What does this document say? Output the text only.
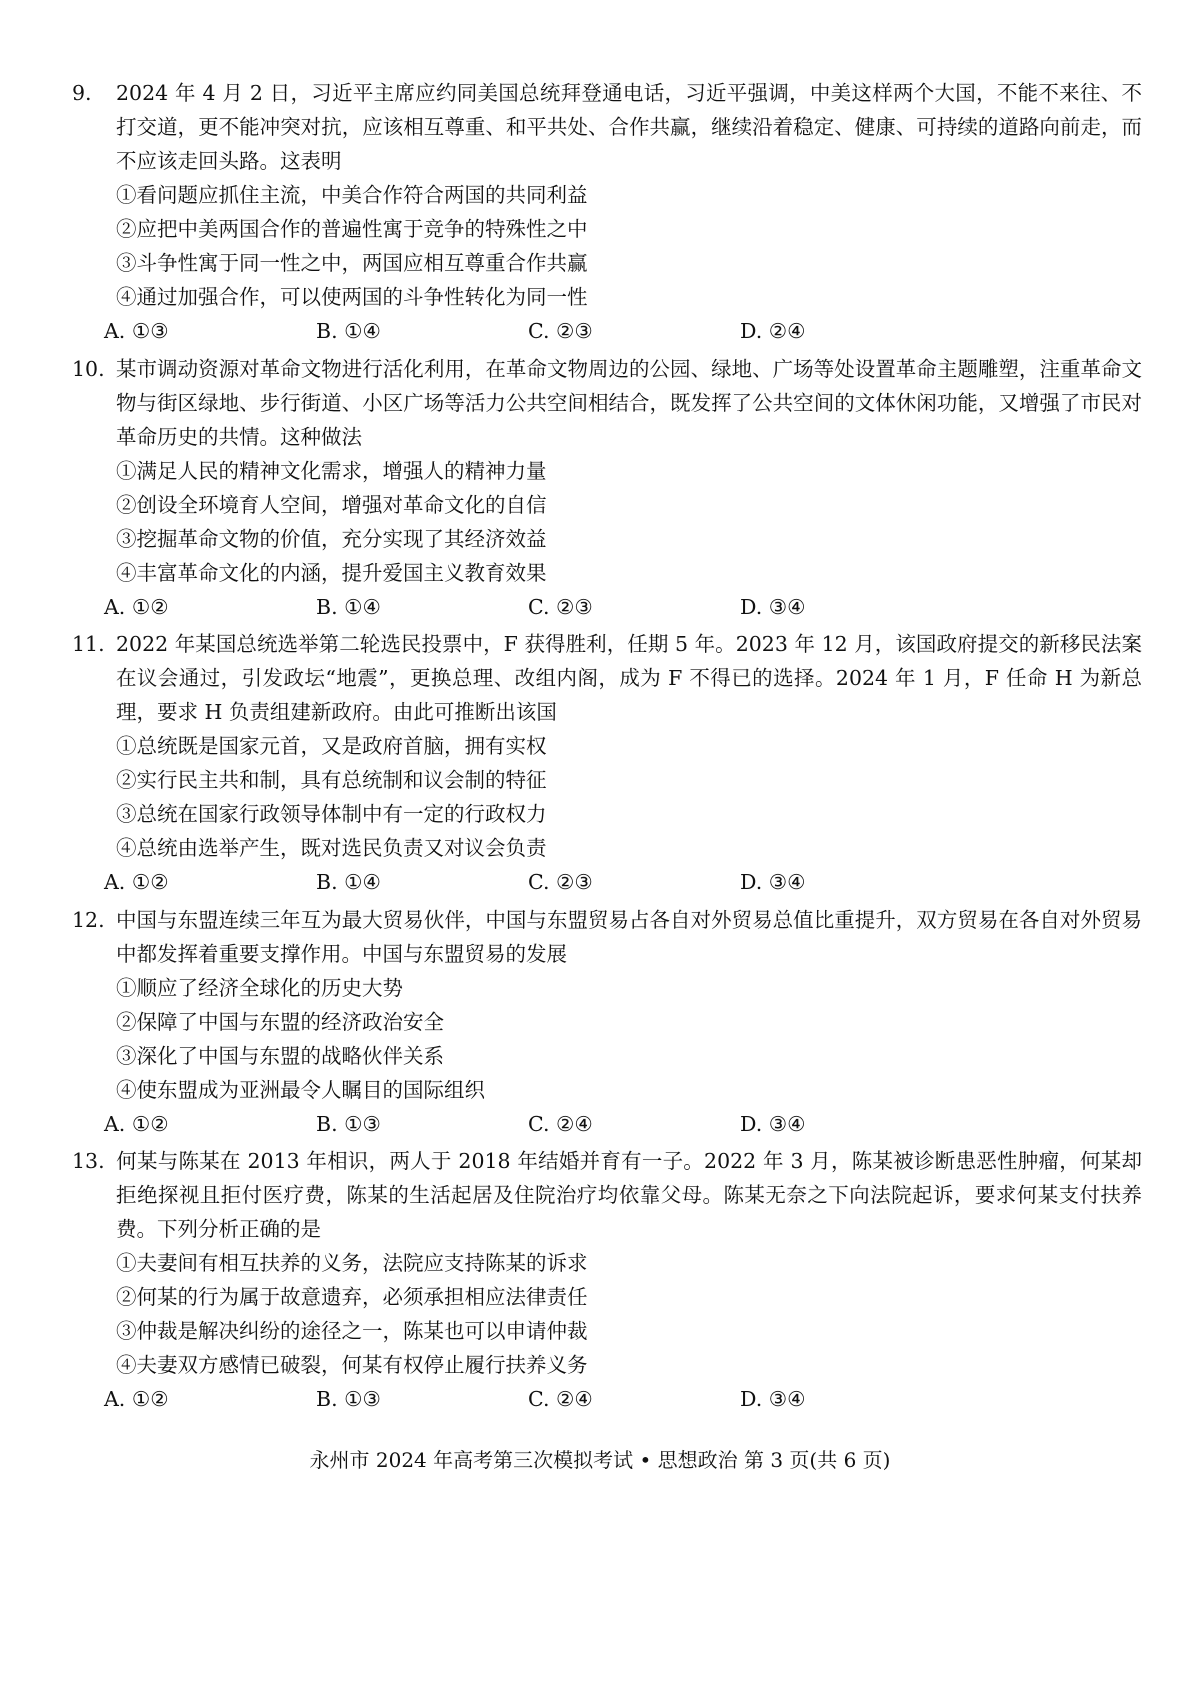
9. 2024 年 4 月 2 日，习近平主席应约同美国总统拜登通电话，习近平强调，中美这样两个大国，不能不来往、不打交道，更不能冲突对抗，应该相互尊重、和平共处、合作共赢，继续沿着稳定、健康、可持续的道路向前走，而不应该走回头路。这表明
①看问题应抓住主流，中美合作符合两国的共同利益
②应把中美两国合作的普遍性寓于竞争的特殊性之中
③斗争性寓于同一性之中，两国应相互尊重合作共赢
④通过加强合作，可以使两国的斗争性转化为同一性
A. ①③	B. ①④	C. ②③	D. ②④
10. 某市调动资源对革命文物进行活化利用，在革命文物周边的公园、绿地、广场等处设置革命主题雕塑，注重革命文物与街区绿地、步行街道、小区广场等活力公共空间相结合，既发挥了公共空间的文体休闲功能，又增强了市民对革命历史的共情。这种做法
①满足人民的精神文化需求，增强人的精神力量
②创设全环境育人空间，增强对革命文化的自信
③挖掘革命文物的价值，充分实现了其经济效益
④丰富革命文化的内涵，提升爱国主义教育效果
A. ①②	B. ①④	C. ②③	D. ③④
11. 2022 年某国总统选举第二轮选民投票中，F 获得胜利，任期 5 年。2023 年 12 月，该国政府提交的新移民法案在议会通过，引发政坛“地震”，更换总理、改组内阁，成为 F 不得已的选择。2024 年 1 月，F 任命 H 为新总理，要求 H 负责组建新政府。由此可推断出该国
①总统既是国家元首，又是政府首脑，拥有实权
②实行民主共和制，具有总统制和议会制的特征
③总统在国家行政领导体制中有一定的行政权力
④总统由选举产生，既对选民负责又对议会负责
A. ①②	B. ①④	C. ②③	D. ③④
12. 中国与东盟连续三年互为最大贸易伙伴，中国与东盟贸易占各自对外贸易总值比重提升，双方贸易在各自对外贸易中都发挥着重要支撑作用。中国与东盟贸易的发展
①顺应了经济全球化的历史大势
②保障了中国与东盟的经济政治安全
③深化了中国与东盟的战略伙伴关系
④使东盟成为亚洲最令人瞩目的国际组织
A. ①②	B. ①③	C. ②④	D. ③④
13. 何某与陈某在 2013 年相识，两人于 2018 年结婚并育有一子。2022 年 3 月，陈某被诊断患恶性肿瘤，何某却拒绝探视且拒付医疗费，陈某的生活起居及住院治疗均依靠父母。陈某无奈之下向法院起诉，要求何某支付扶养费。下列分析正确的是
①夫妻间有相互扶养的义务，法院应支持陈某的诉求
②何某的行为属于故意遗弃，必须承担相应法律责任
③仲裁是解决纠纷的途径之一，陈某也可以申请仲裁
④夫妻双方感情已破裂，何某有权停止履行扶养义务
A. ①②	B. ①③	C. ②④	D. ③④
永州市 2024 年高考第三次模拟考试 • 思想政治 第 3 页(共 6 页)
